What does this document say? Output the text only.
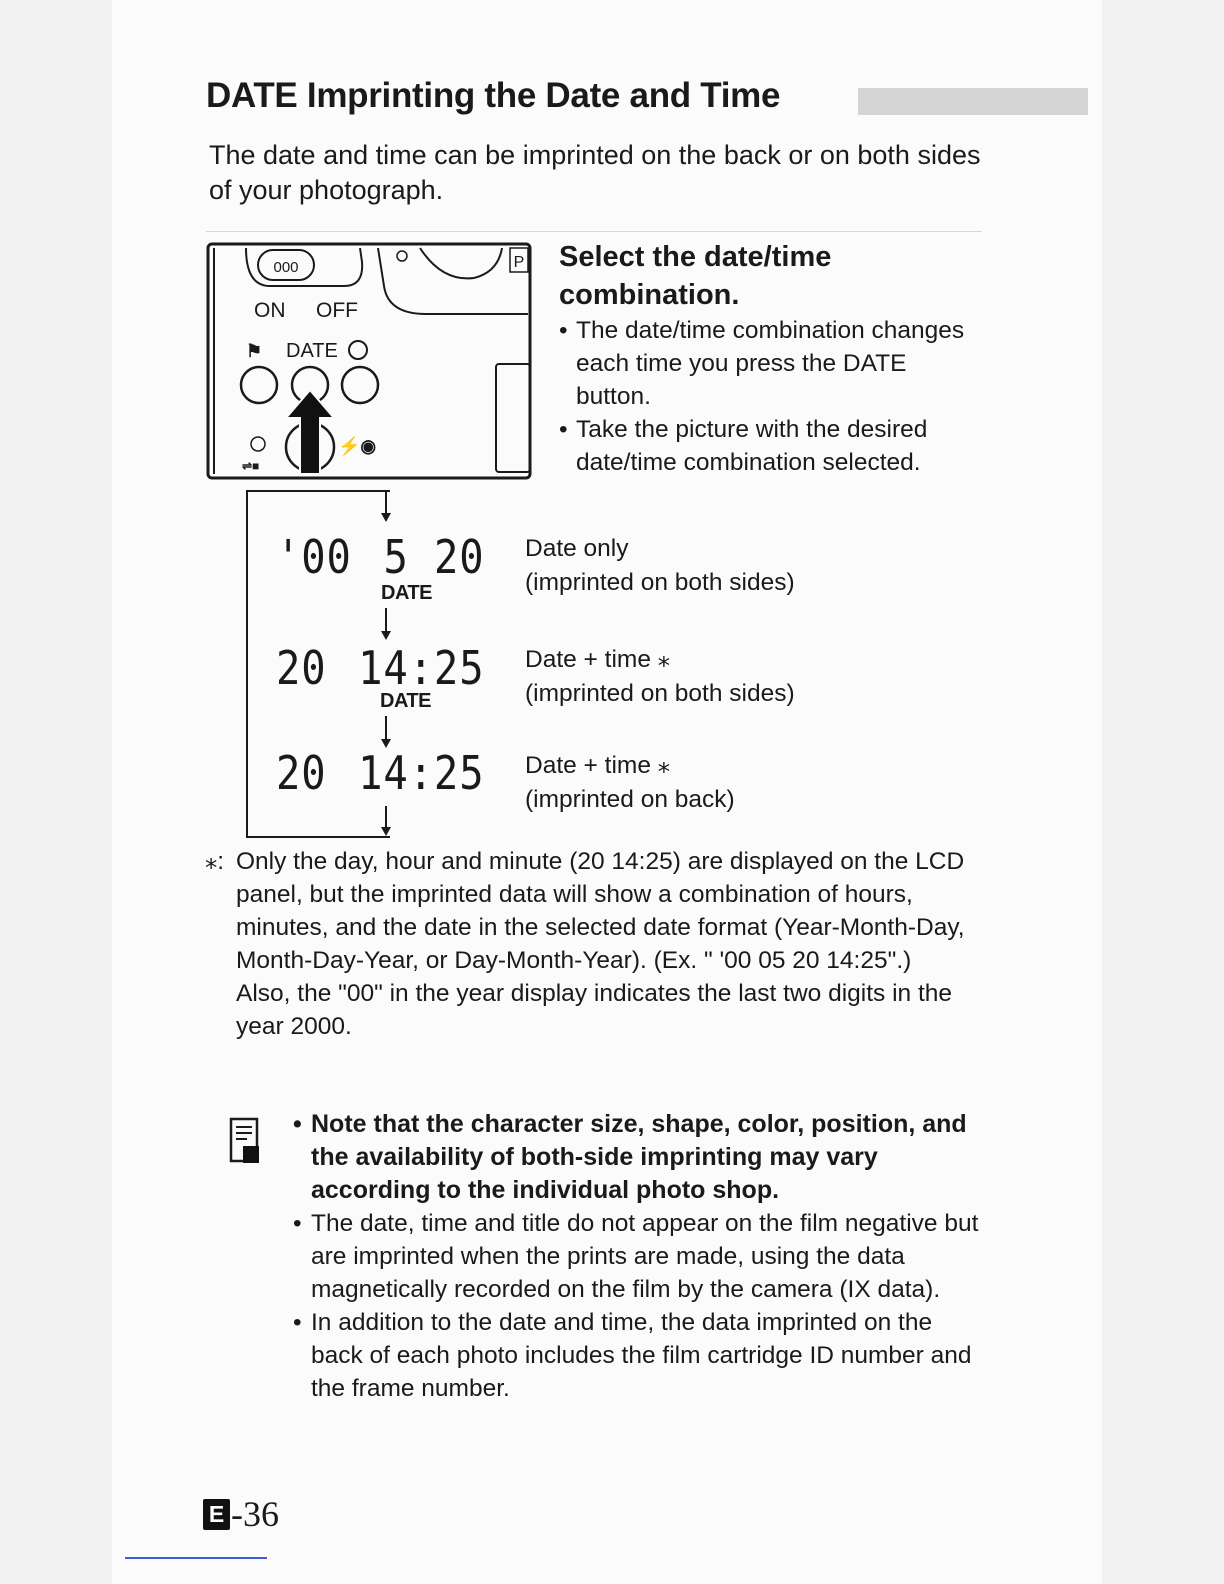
DATE Imprinting the Date and Time

The date and time can be imprinted on the back or on both sides of your photograph.

000
ON OFF
P
⚑ DATE
⇌■
⚡◉
Select the date/time combination.
• The date/time combination changes each time you press the DATE button.
• Take the picture with the desired date/time combination selected.
'00 5 20
DATE
20 14:25
DATE
20 14:25
Date only
(imprinted on both sides)
Date + time ⁎
(imprinted on both sides)
Date + time ⁎
(imprinted on back)
⁎: Only the day, hour and minute (20 14:25) are displayed on the LCD panel, but the imprinted data will show a combination of hours, minutes, and the date in the selected date format (Year-Month-Day, Month-Day-Year, or Day-Month-Year). (Ex. " '00 05 20 14:25".)
Also, the "00" in the year display indicates the last two digits in the year 2000.
• Note that the character size, shape, color, position, and the availability of both-side imprinting may vary according to the individual photo shop.
• The date, time and title do not appear on the film negative but are imprinted when the prints are made, using the data magnetically recorded on the film by the camera (IX data).
• In addition to the date and time, the data imprinted on the back of each photo includes the film cartridge ID number and the frame number.
E -36
